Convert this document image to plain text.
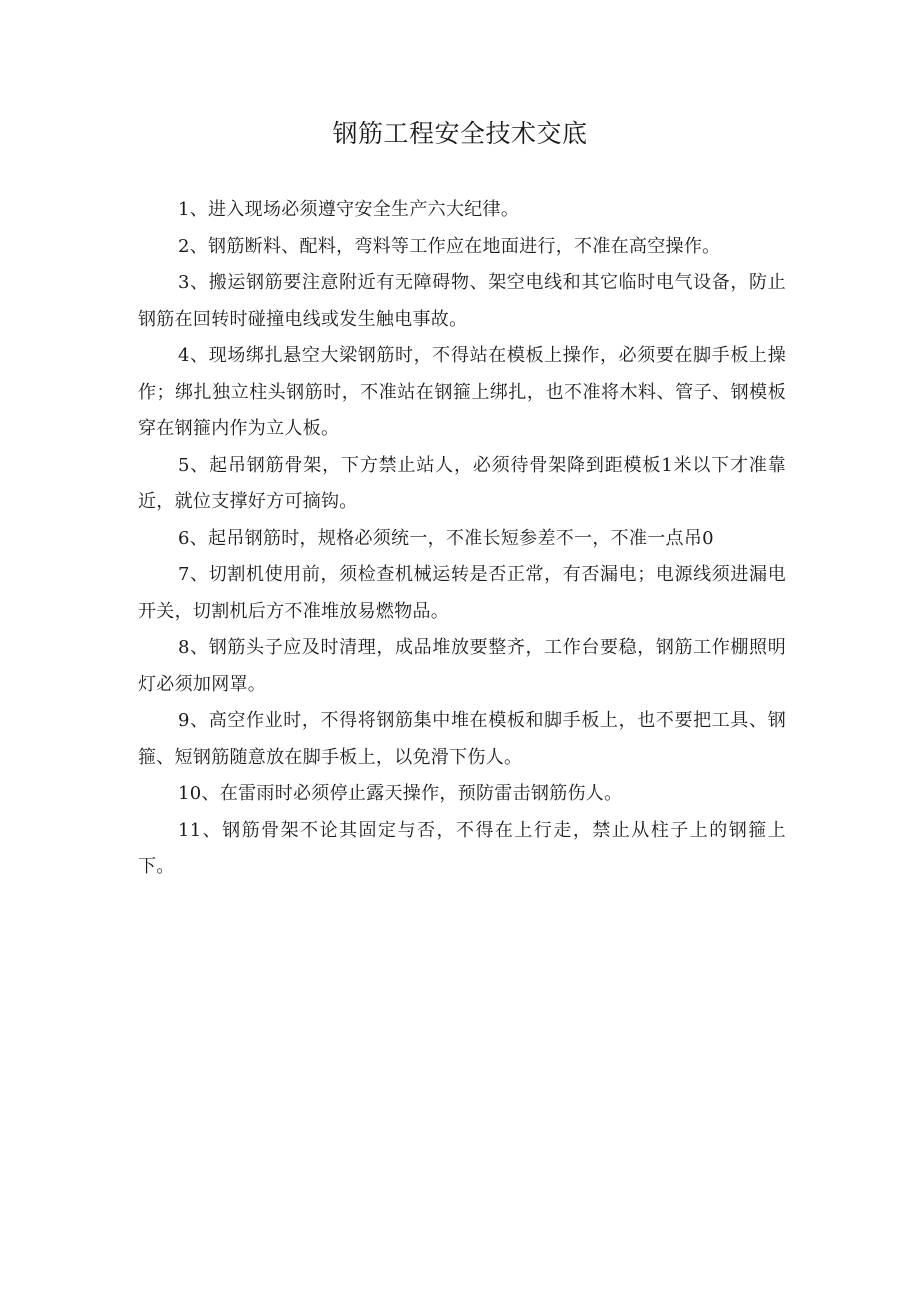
钢筋工程安全技术交底

1、进入现场必须遵守安全生产六大纪律。

2、钢筋断料、配料，弯料等工作应在地面进行，不准在高空操作。

3、搬运钢筋要注意附近有无障碍物、架空电线和其它临时电气设备，防止钢筋在回转时碰撞电线或发生触电事故。

4、现场绑扎悬空大梁钢筋时，不得站在模板上操作，必须要在脚手板上操作；绑扎独立柱头钢筋时，不准站在钢箍上绑扎，也不准将木料、管子、钢模板穿在钢箍内作为立人板。

5、起吊钢筋骨架，下方禁止站人，必须待骨架降到距模板1米以下才准靠近，就位支撑好方可摘钩。

6、起吊钢筋时，规格必须统一，不准长短参差不一，不准一点吊0

7、切割机使用前，须检查机械运转是否正常，有否漏电；电源线须进漏电开关，切割机后方不准堆放易燃物品。

8、钢筋头子应及时清理，成品堆放要整齐，工作台要稳，钢筋工作棚照明灯必须加网罩。

9、高空作业时，不得将钢筋集中堆在模板和脚手板上，也不要把工具、钢箍、短钢筋随意放在脚手板上，以免滑下伤人。

10、在雷雨时必须停止露天操作，预防雷击钢筋伤人。

11、钢筋骨架不论其固定与否，不得在上行走，禁止从柱子上的钢箍上下。
